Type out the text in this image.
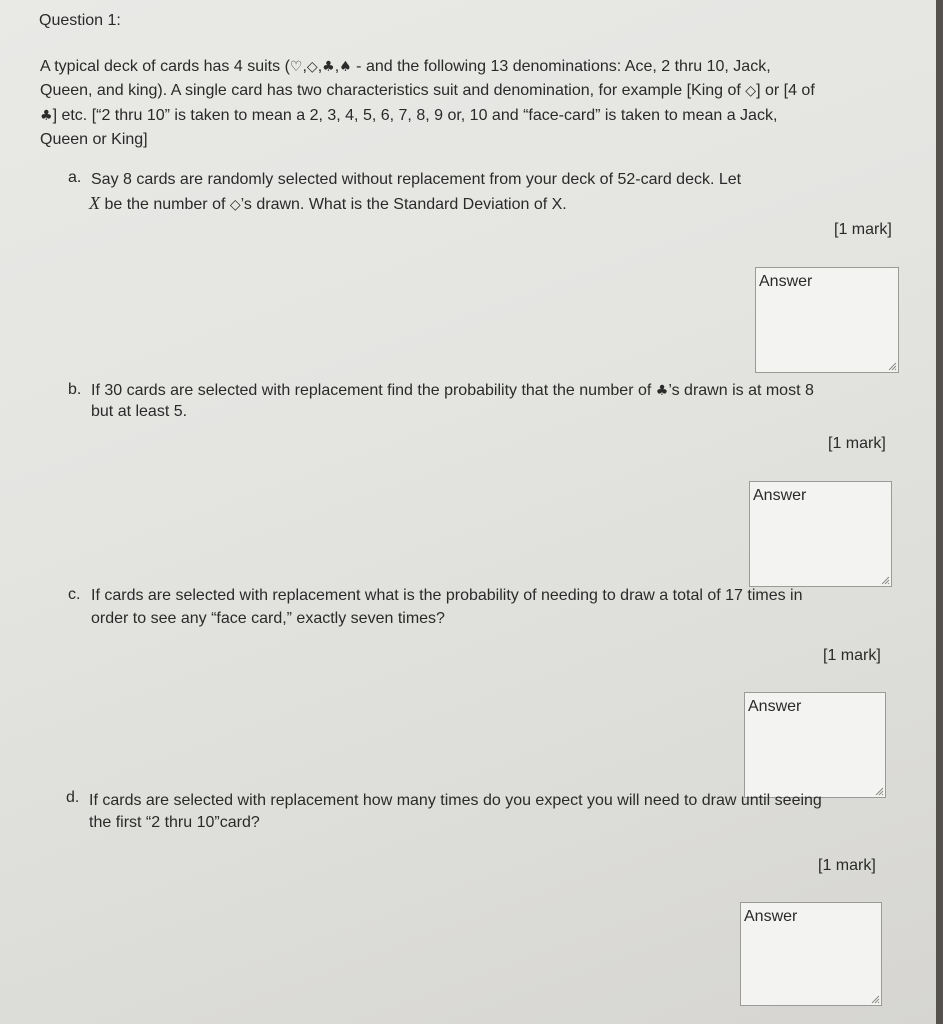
Question 1:

A typical deck of cards has 4 suits (♡,◇,♣,♠ - and the following 13 denominations: Ace, 2 thru 10, Jack,

Queen, and king). A single card has two characteristics suit and denomination, for example [King of ◇] or [4 of

♣] etc. [“2 thru 10” is taken to mean a 2, 3, 4, 5, 6, 7, 8, 9 or, 10 and “face-card” is taken to mean a Jack,

Queen or King]

a. Say 8 cards are randomly selected without replacement from your deck of 52-card deck. Let

X be the number of ◇’s drawn. What is the Standard Deviation of X.

[1 mark]
Answer

b. If 30 cards are selected with replacement find the probability that the number of ♣’s drawn is at most 8

but at least 5.

[1 mark]
Answer

c. If cards are selected with replacement what is the probability of needing to draw a total of 17 times in

order to see any “face card,” exactly seven times?

[1 mark]
Answer

d. If cards are selected with replacement how many times do you expect you will need to draw until seeing

the first “2 thru 10”card?

[1 mark]
Answer
